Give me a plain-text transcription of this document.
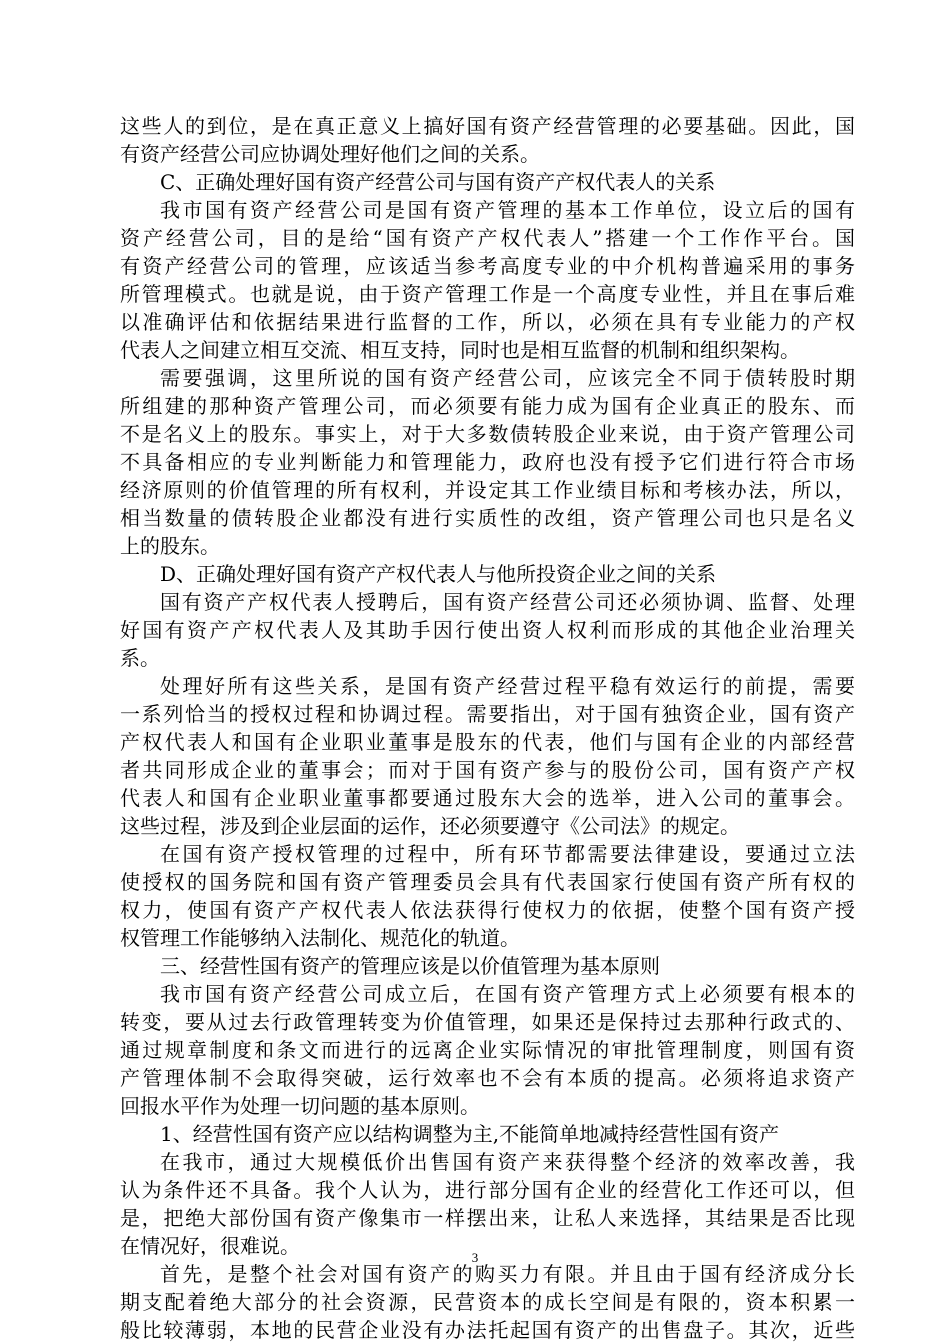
这些人的到位，是在真正意义上搞好国有资产经营管理的必要基础。因此，国
有资产经营公司应协调处理好他们之间的关系。
C、正确处理好国有资产经营公司与国有资产产权代表人的关系
我市国有资产经营公司是国有资产管理的基本工作单位，设立后的国有
资产经营公司，目的是给“国有资产产权代表人”搭建一个工作作平台。国
有资产经营公司的管理，应该适当参考高度专业的中介机构普遍采用的事务
所管理模式。也就是说，由于资产管理工作是一个高度专业性，并且在事后难
以准确评估和依据结果进行监督的工作，所以，必须在具有专业能力的产权
代表人之间建立相互交流、相互支持，同时也是相互监督的机制和组织架构。
需要强调，这里所说的国有资产经营公司，应该完全不同于债转股时期
所组建的那种资产管理公司，而必须要有能力成为国有企业真正的股东、而
不是名义上的股东。事实上，对于大多数债转股企业来说，由于资产管理公司
不具备相应的专业判断能力和管理能力，政府也没有授予它们进行符合市场
经济原则的价值管理的所有权利，并设定其工作业绩目标和考核办法，所以，
相当数量的债转股企业都没有进行实质性的改组，资产管理公司也只是名义
上的股东。
D、正确处理好国有资产产权代表人与他所投资企业之间的关系
国有资产产权代表人授聘后，国有资产经营公司还必须协调、监督、处理
好国有资产产权代表人及其助手因行使出资人权利而形成的其他企业治理关
系。
处理好所有这些关系，是国有资产经营过程平稳有效运行的前提，需要
一系列恰当的授权过程和协调过程。需要指出，对于国有独资企业，国有资产
产权代表人和国有企业职业董事是股东的代表，他们与国有企业的内部经营
者共同形成企业的董事会；而对于国有资产参与的股份公司，国有资产产权
代表人和国有企业职业董事都要通过股东大会的选举，进入公司的董事会。
这些过程，涉及到企业层面的运作，还必须要遵守《公司法》的规定。
在国有资产授权管理的过程中，所有环节都需要法律建设，要通过立法
使授权的国务院和国有资产管理委员会具有代表国家行使国有资产所有权的
权力，使国有资产产权代表人依法获得行使权力的依据，使整个国有资产授
权管理工作能够纳入法制化、规范化的轨道。
三、经营性国有资产的管理应该是以价值管理为基本原则
我市国有资产经营公司成立后，在国有资产管理方式上必须要有根本的
转变，要从过去行政管理转变为价值管理，如果还是保持过去那种行政式的、
通过规章制度和条文而进行的远离企业实际情况的审批管理制度，则国有资
产管理体制不会取得突破，运行效率也不会有本质的提高。必须将追求资产
回报水平作为处理一切问题的基本原则。
1、经营性国有资产应以结构调整为主,不能简单地减持经营性国有资产
在我市，通过大规模低价出售国有资产来获得整个经济的效率改善，我
认为条件还不具备。我个人认为，进行部分国有企业的经营化工作还可以，但
是，把绝大部份国有资产像集市一样摆出来，让私人来选择，其结果是否比现
在情况好，很难说。
首先，是整个社会对国有资产的购买力有限。并且由于国有经济成分长
期支配着绝大部分的社会资源，民营资本的成长空间是有限的，资本积累一
般比较薄弱，本地的民营企业没有办法托起国有资产的出售盘子。其次，近些
3
